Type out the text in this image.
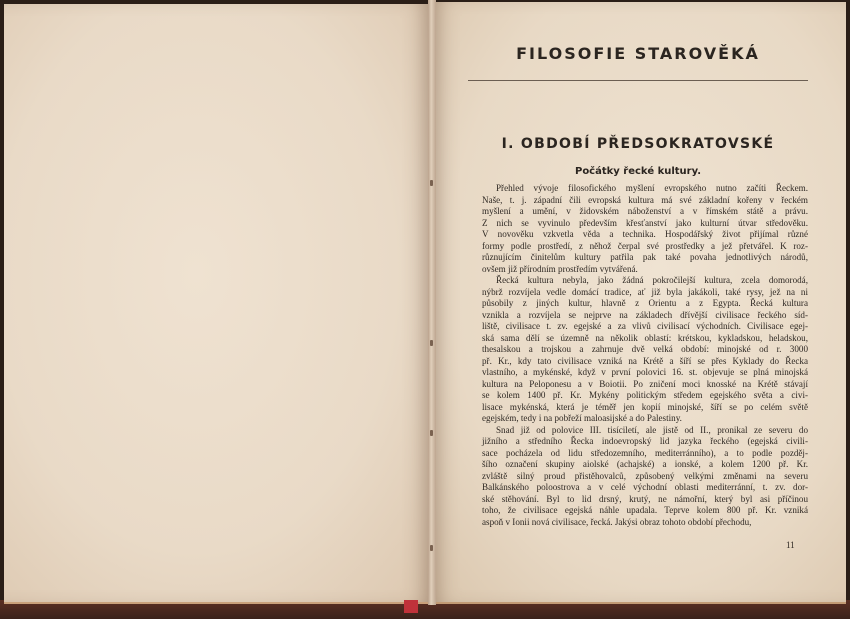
FILOSOFIE STAROVĚKÁ
I. OBDOBÍ PŘEDSOKRATOVSKÉ
Počátky řecké kultury.
Přehled vývoje filosofického myšlení evropského nutno začíti Řeckem.
Naše, t. j. západní čili evropská kultura má své základní kořeny v řeckém
myšlení a umění, v židovském náboženství a v římském státě a právu.
Z nich se vyvinulo především křesťanství jako kulturní útvar středověku.
V novověku vzkvetla věda a technika. Hospodářský život přijímal různé
formy podle prostředí, z něhož čerpal své prostředky a jež přetvářel. K roz-
různujícím činitelům kultury patřila pak také povaha jednotlivých národů,
ovšem již přírodním prostředím vytvářená.
Řecká kultura nebyla, jako žádná pokročilejší kultura, zcela domorodá,
nýbrž rozvíjela vedle domácí tradice, ať již byla jakákoli, také rysy, jež na ni
působily z jiných kultur, hlavně z Orientu a z Egypta. Řecká kultura
vznikla a rozvíjela se nejprve na základech dřívější civilisace řeckého síd-
liště, civilisace t. zv. egejské a za vlivů civilisací východních. Civilisace egej-
ská sama dělí se územně na několik oblastí: krétskou, kykladskou, heladskou,
thesalskou a trojskou a zahrnuje dvě velká období: minojské od r. 3000
př. Kr., kdy tato civilisace vzniká na Krétě a šíří se přes Kyklady do Řecka
vlastního, a mykénské, když v první polovici 16. st. objevuje se plná minojská
kultura na Peloponesu a v Boiotii. Po zničení moci knosské na Krétě stávají
se kolem 1400 př. Kr. Mykény politickým středem egejského světa a civi-
lisace mykénská, která je téměř jen kopií minojské, šíří se po celém světě
egejském, tedy i na pobřeží maloasijské a do Palestiny.
Snad již od polovice III. tisíciletí, ale jistě od II., pronikal ze severu do
jižního a středního Řecka indoevropský lid jazyka řeckého (egejská civili-
sace pocházela od lidu středozemního, mediterránního), a to podle pozděj-
šího označení skupiny aiolské (achajské) a ionské, a kolem 1200 př. Kr.
zvláště silný proud přistěhovalců, způsobený velkými změnami na severu
Balkánského poloostrova a v celé východní oblasti mediterránní, t. zv. dor-
ské stěhování. Byl to lid drsný, krutý, ne námořní, který byl asi příčinou
toho, že civilisace egejská náhle upadala. Teprve kolem 800 př. Kr. vzniká
aspoň v Ionii nová civilisace, řecká. Jakýsi obraz tohoto období přechodu,
11
